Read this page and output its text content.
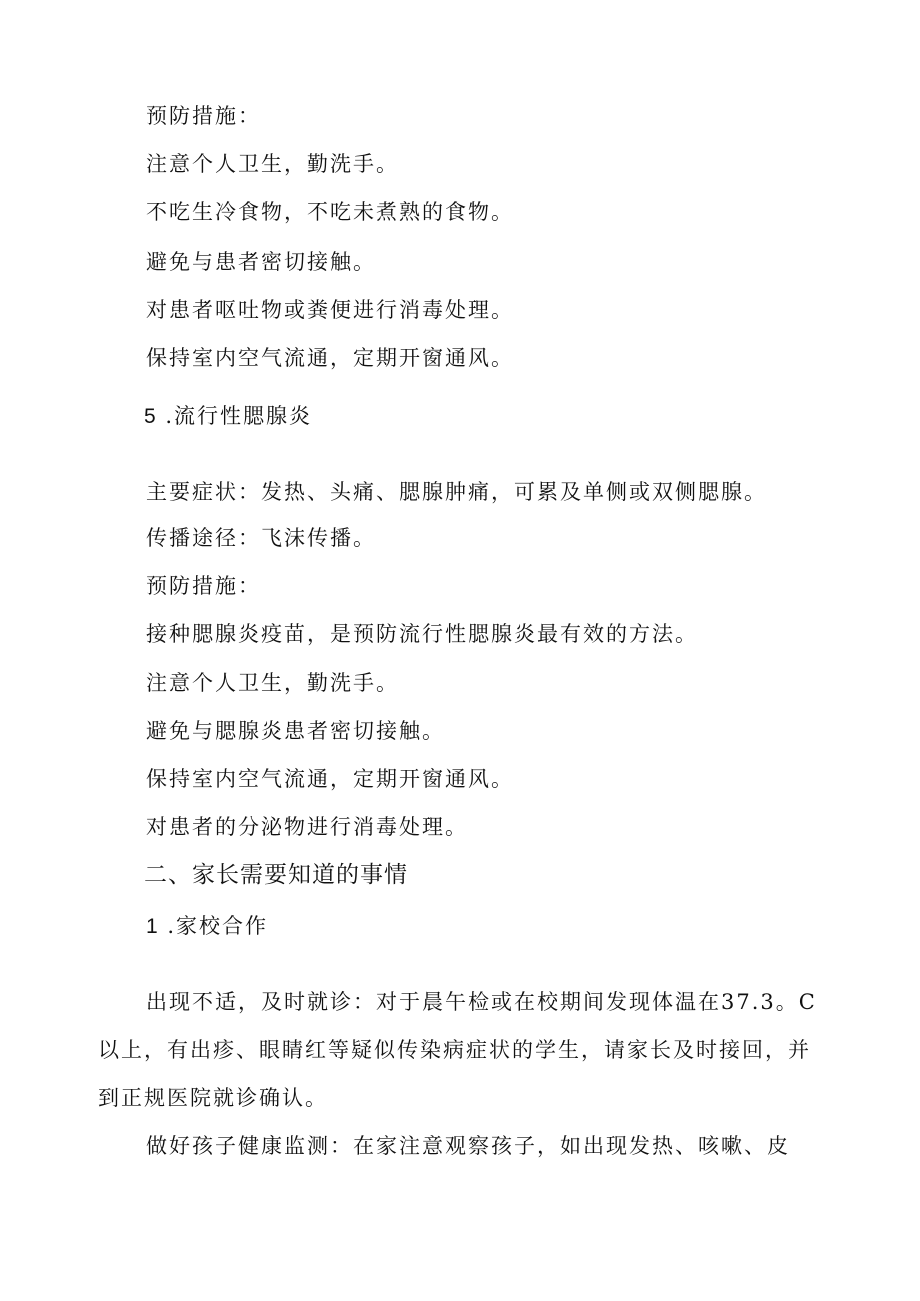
预防措施：
注意个人卫生，勤洗手。
不吃生冷食物，不吃未煮熟的食物。
避免与患者密切接触。
对患者呕吐物或粪便进行消毒处理。
保持室内空气流通，定期开窗通风。
5 .流行性腮腺炎
主要症状：发热、头痛、腮腺肿痛，可累及单侧或双侧腮腺。
传播途径：飞沫传播。
预防措施：
接种腮腺炎疫苗，是预防流行性腮腺炎最有效的方法。
注意个人卫生，勤洗手。
避免与腮腺炎患者密切接触。
保持室内空气流通，定期开窗通风。
对患者的分泌物进行消毒处理。
二、家长需要知道的事情
1 .家校合作
出现不适，及时就诊：对于晨午检或在校期间发现体温在37.3。C
以上，有出疹、眼睛红等疑似传染病症状的学生，请家长及时接回，并
到正规医院就诊确认。
做好孩子健康监测：在家注意观察孩子，如出现发热、咳嗽、皮
